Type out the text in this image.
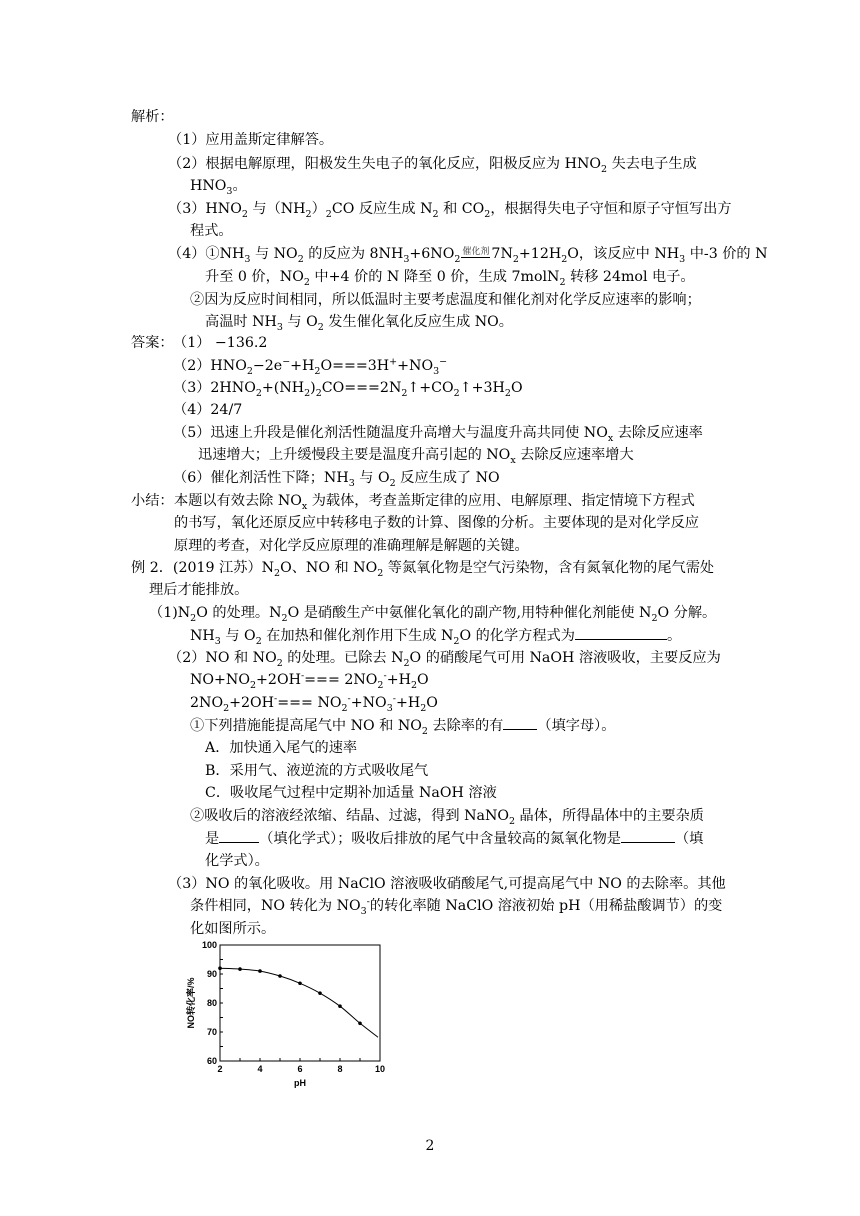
解析：
（1）应用盖斯定律解答。
（2）根据电解原理，阳极发生失电子的氧化反应，阳极反应为 $HNO_2$ 失去电子生成
$HNO_3$。
$(3)HNO_2$ 与$(NH_2)_2CO$ 反应生成 $N_2$ 和 $CO_2$，根据得失电子守恒和原子守恒写出方
程式。
$(4)①NH_3$ 与 $NO_2$ 的反应为 $8NH_3+6NO_2$催化剂 $7N_2+12H_2O$，该反应中 $NH_3$ 中-3 价的 N
升至 0 价，$NO_2$ 中+4 价的 N 降至 0 价，生成 7molN$_2$ 转移 24mol 电子。
②因为反应时间相同，所以低温时主要考虑温度和催化剂对化学反应速率的影响；
高温时 $NH_3$ 与 $O_2$ 发生催化氧化反应生成 NO。
答案： （1） −136.2
$(2)HNO_2-2e^-+H_2O===3H^++NO_3^-$
$(3)2HNO_2+(NH_2)_2CO===2N_2↑+CO_2↑+3H_2O$
（4）24/7
（5）迅速上升段是催化剂活性随温度升高增大与温度升高共同使 $NO_x$ 去除反应速率
迅速增大；上升缓慢段主要是温度升高引起的 $NO_x$ 去除反应速率增大
（6）催化剂活性下降；$NH_3$ 与 $O_2$ 反应生成了 NO
小结： 本题以有效去除 $NO_x$ 为载体，考查盖斯定律的应用、电解原理、指定情境下方程式
的书写，氧化还原反应中转移电子数的计算、图像的分析。主要体现的是对化学反应
原理的考查，对化学反应原理的准确理解是解题的关键。
例 2．(2019 江苏）$N_2O$、NO 和 $NO_2$ 等氮氧化物是空气污染物，含有氮氧化物的尾气需处
理后才能排放。
$(1)N_2O$ 的处理。$N_2O$ 是硝酸生产中氨催化氧化的副产物,用特种催化剂能使 $N_2O$ 分解。
$NH_3$ 与 $O_2$ 在加热和催化剂作用下生成 $N_2O$ 的化学方程式为	。
（2）NO 和 $NO_2$ 的处理。已除去 $N_2O$ 的硝酸尾气可用 NaOH 溶液吸收，主要反应为
$NO+NO_2+2OH^-=== 2NO_2^-+H_2O$
$2NO_2+2OH^-=== NO_2^-+NO_3^-+H_2O$
①下列措施能提高尾气中 NO 和 $NO_2$ 去除率的有 （填字母）。
A．加快通入尾气的速率
B．采用气、液逆流的方式吸收尾气
C．吸收尾气过程中定期补加适量 NaOH 溶液
②吸收后的溶液经浓缩、结晶、过滤，得到 NaNO$_2$ 晶体，所得晶体中的主要杂质
是	（填化学式）；吸收后排放的尾气中含量较高的氮氧化物是	（填
化学式）。
（3）NO 的氧化吸收。用 NaClO 溶液吸收硝酸尾气,可提高尾气中 NO 的去除率。其他
条件相同，NO 转化为 $NO_3^-$的转化率随 NaClO 溶液初始 pH（用稀盐酸调节）的变
化如图所示。
2	4	6	8	10
60
70
80
90
100
NO转化率/%
pH
2
